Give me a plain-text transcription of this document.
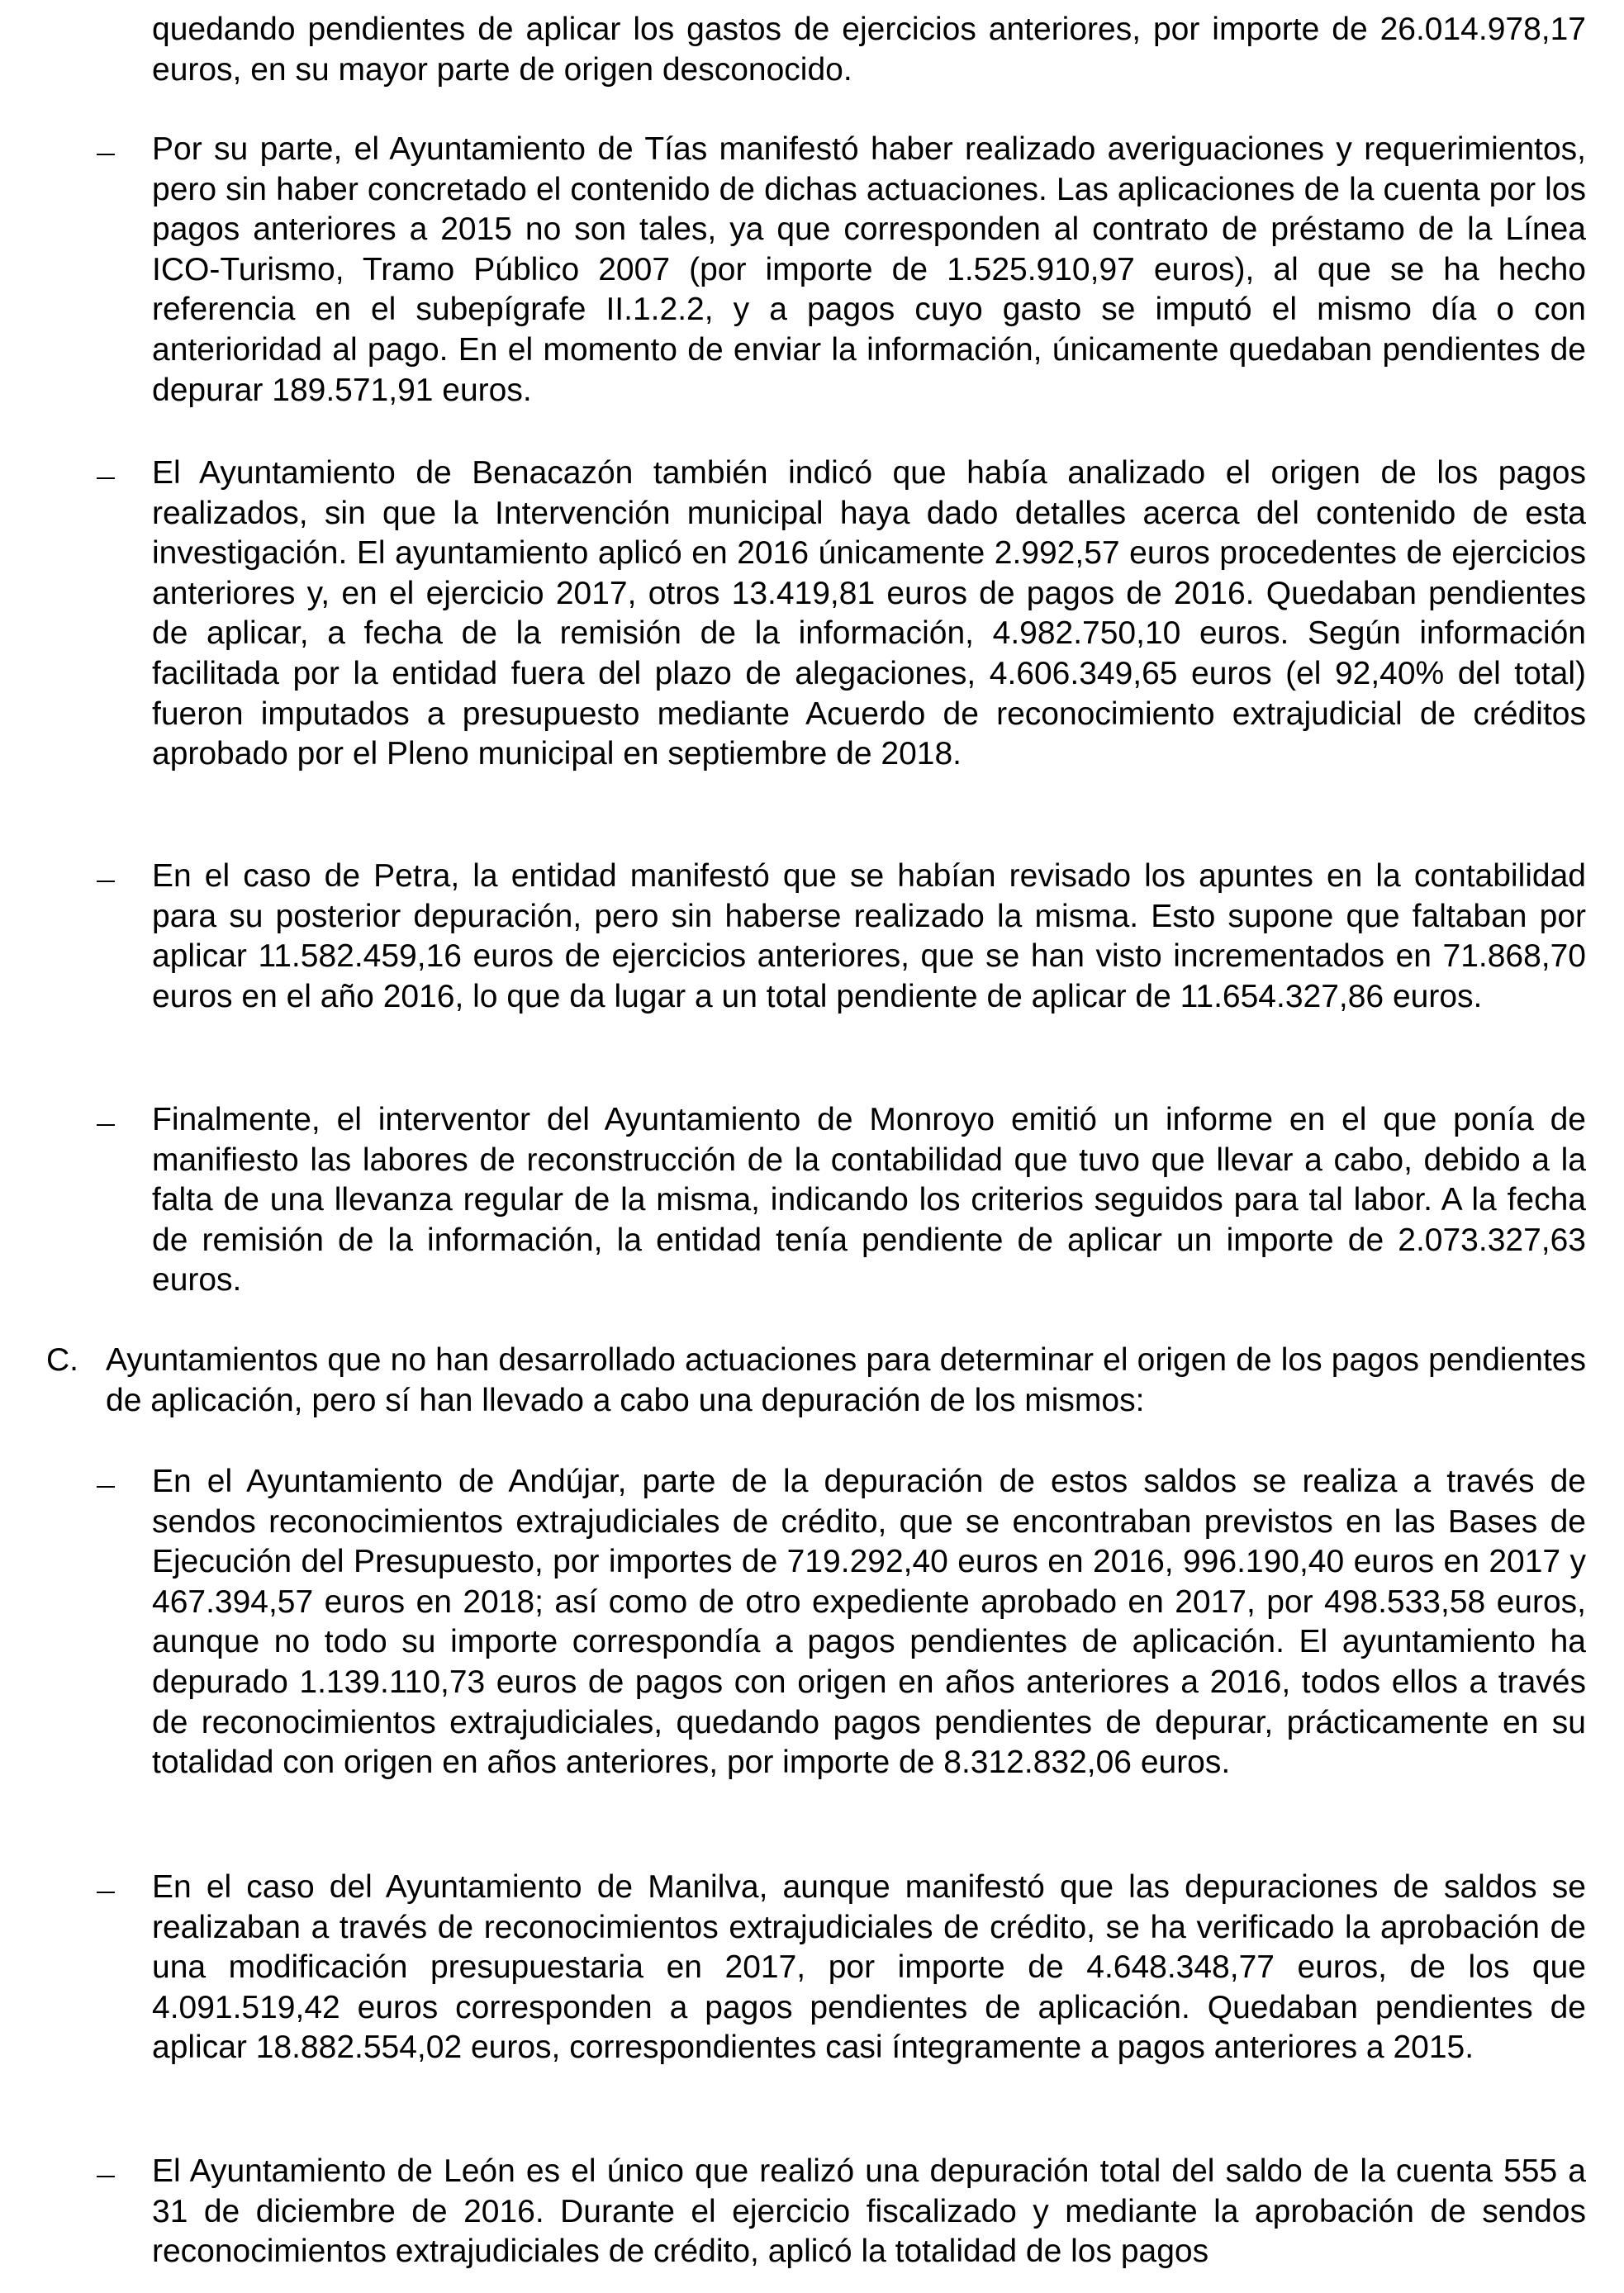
quedando pendientes de aplicar los gastos de ejercicios anteriores, por importe de 26.014.978,17 euros, en su mayor parte de origen desconocido.

Por su parte, el Ayuntamiento de Tías manifestó haber realizado averiguaciones y requerimientos, pero sin haber concretado el contenido de dichas actuaciones. Las aplicaciones de la cuenta por los pagos anteriores a 2015 no son tales, ya que corresponden al contrato de préstamo de la Línea ICO-Turismo, Tramo Público 2007 (por importe de 1.525.910,97 euros), al que se ha hecho referencia en el subepígrafe II.1.2.2, y a pagos cuyo gasto se imputó el mismo día o con anterioridad al pago. En el momento de enviar la información, únicamente quedaban pendientes de depurar 189.571,91 euros.

El Ayuntamiento de Benacazón también indicó que había analizado el origen de los pagos realizados, sin que la Intervención municipal haya dado detalles acerca del contenido de esta investigación. El ayuntamiento aplicó en 2016 únicamente 2.992,57 euros procedentes de ejercicios anteriores y, en el ejercicio 2017, otros 13.419,81 euros de pagos de 2016. Quedaban pendientes de aplicar, a fecha de la remisión de la información, 4.982.750,10 euros. Según información facilitada por la entidad fuera del plazo de alegaciones, 4.606.349,65 euros (el 92,40% del total) fueron imputados a presupuesto mediante Acuerdo de reconocimiento extrajudicial de créditos aprobado por el Pleno municipal en septiembre de 2018.

En el caso de Petra, la entidad manifestó que se habían revisado los apuntes en la contabilidad para su posterior depuración, pero sin haberse realizado la misma. Esto supone que faltaban por aplicar 11.582.459,16 euros de ejercicios anteriores, que se han visto incrementados en 71.868,70 euros en el año 2016, lo que da lugar a un total pendiente de aplicar de 11.654.327,86 euros.

Finalmente, el interventor del Ayuntamiento de Monroyo emitió un informe en el que ponía de manifiesto las labores de reconstrucción de la contabilidad que tuvo que llevar a cabo, debido a la falta de una llevanza regular de la misma, indicando los criterios seguidos para tal labor. A la fecha de remisión de la información, la entidad tenía pendiente de aplicar un importe de 2.073.327,63 euros.

C. Ayuntamientos que no han desarrollado actuaciones para determinar el origen de los pagos pendientes de aplicación, pero sí han llevado a cabo una depuración de los mismos:

En el Ayuntamiento de Andújar, parte de la depuración de estos saldos se realiza a través de sendos reconocimientos extrajudiciales de crédito, que se encontraban previstos en las Bases de Ejecución del Presupuesto, por importes de 719.292,40 euros en 2016, 996.190,40 euros en 2017 y 467.394,57 euros en 2018; así como de otro expediente aprobado en 2017, por 498.533,58 euros, aunque no todo su importe correspondía a pagos pendientes de aplicación. El ayuntamiento ha depurado 1.139.110,73 euros de pagos con origen en años anteriores a 2016, todos ellos a través de reconocimientos extrajudiciales, quedando pagos pendientes de depurar, prácticamente en su totalidad con origen en años anteriores, por importe de 8.312.832,06 euros.

En el caso del Ayuntamiento de Manilva, aunque manifestó que las depuraciones de saldos se realizaban a través de reconocimientos extrajudiciales de crédito, se ha verificado la aprobación de una modificación presupuestaria en 2017, por importe de 4.648.348,77 euros, de los que 4.091.519,42 euros corresponden a pagos pendientes de aplicación. Quedaban pendientes de aplicar 18.882.554,02 euros, correspondientes casi íntegramente a pagos anteriores a 2015.

El Ayuntamiento de León es el único que realizó una depuración total del saldo de la cuenta 555 a 31 de diciembre de 2016. Durante el ejercicio fiscalizado y mediante la aprobación de sendos reconocimientos extrajudiciales de crédito, aplicó la totalidad de los pagos
